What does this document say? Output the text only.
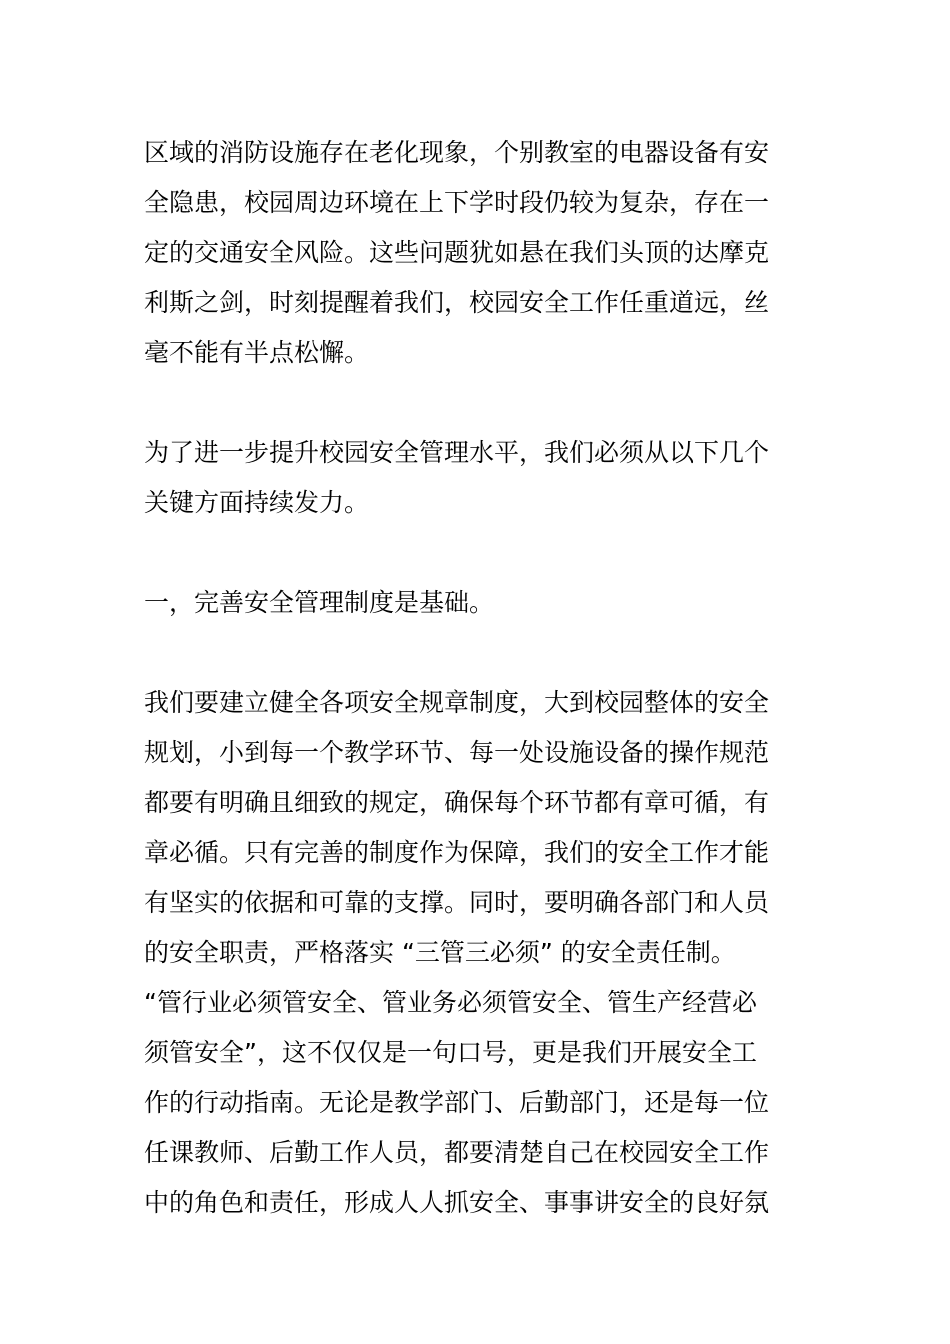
区域的消防设施存在老化现象，个别教室的电器设备有安
全隐患，校园周边环境在上下学时段仍较为复杂，存在一
定的交通安全风险。这些问题犹如悬在我们头顶的达摩克
利斯之剑，时刻提醒着我们，校园安全工作任重道远，丝
毫不能有半点松懈。

为了进一步提升校园安全管理水平，我们必须从以下几个
关键方面持续发力。

一，完善安全管理制度是基础。

我们要建立健全各项安全规章制度，大到校园整体的安全
规划，小到每一个教学环节、每一处设施设备的操作规范
都要有明确且细致的规定，确保每个环节都有章可循，有
章必循。只有完善的制度作为保障，我们的安全工作才能
有坚实的依据和可靠的支撑。同时，要明确各部门和人员
的安全职责，严格落实 “三管三必须” 的安全责任制。
“管行业必须管安全、管业务必须管安全、管生产经营必
须管安全”，这不仅仅是一句口号，更是我们开展安全工
作的行动指南。无论是教学部门、后勤部门，还是每一位
任课教师、后勤工作人员，都要清楚自己在校园安全工作
中的角色和责任，形成人人抓安全、事事讲安全的良好氛
